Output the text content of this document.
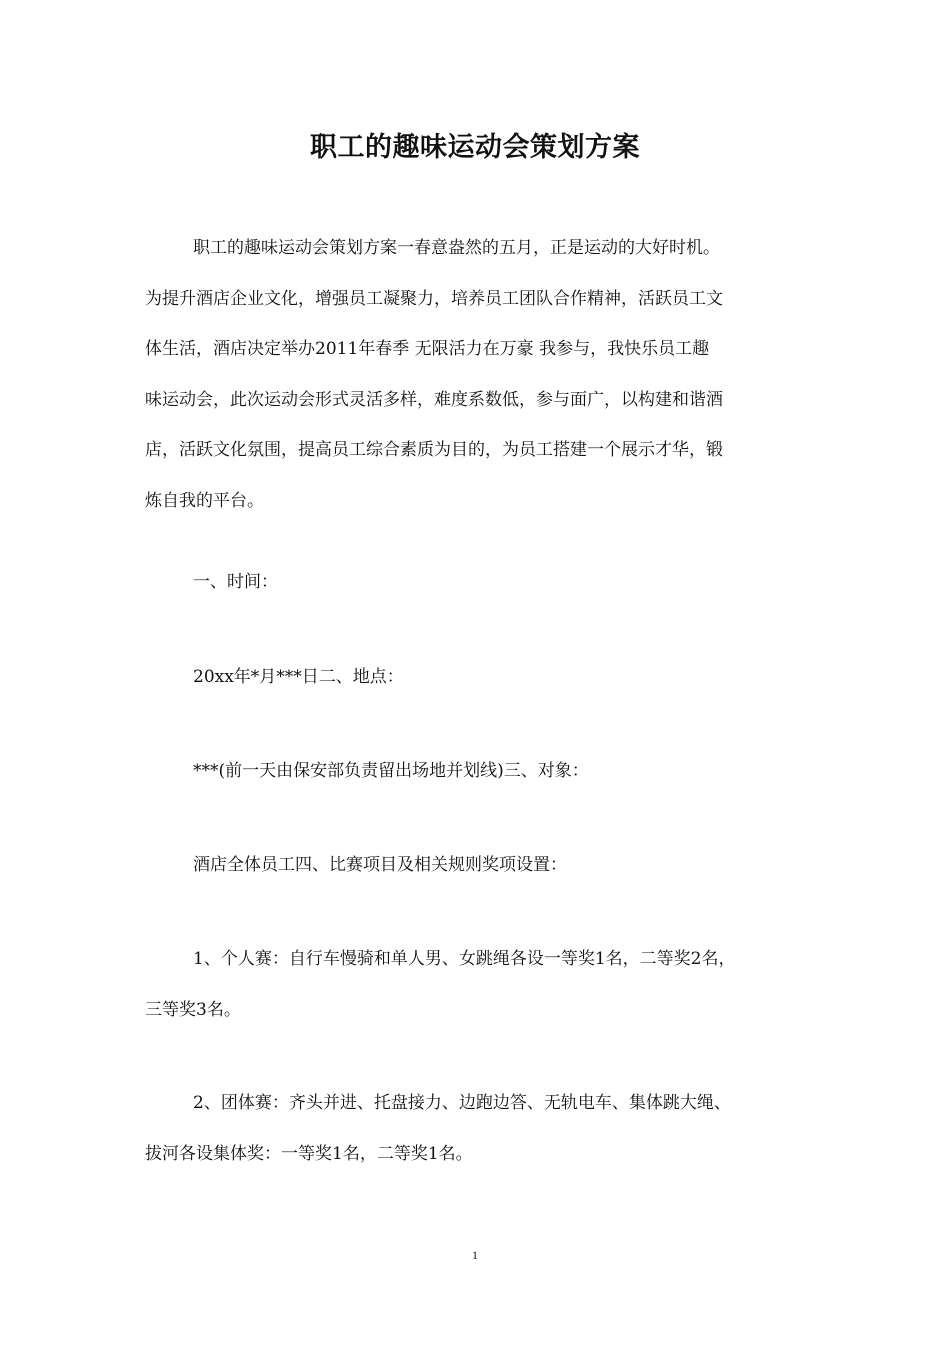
职工的趣味运动会策划方案
职工的趣味运动会策划方案一春意盎然的五月，正是运动的大好时机。
为提升酒店企业文化，增强员工凝聚力，培养员工团队合作精神，活跃员工文
体生活，酒店决定举办2011年春季 无限活力在万豪 我参与，我快乐员工趣
味运动会，此次运动会形式灵活多样，难度系数低，参与面广，以构建和谐酒
店，活跃文化氛围，提高员工综合素质为目的，为员工搭建一个展示才华，锻
炼自我的平台。
一、时间：
20xx年*月***日二、地点：
***(前一天由保安部负责留出场地并划线)三、对象：
酒店全体员工四、比赛项目及相关规则奖项设置：
1、个人赛：自行车慢骑和单人男、女跳绳各设一等奖1名，二等奖2名，
三等奖3名。
2、团体赛：齐头并进、托盘接力、边跑边答、无轨电车、集体跳大绳、
拔河各设集体奖：一等奖1名，二等奖1名。
1
